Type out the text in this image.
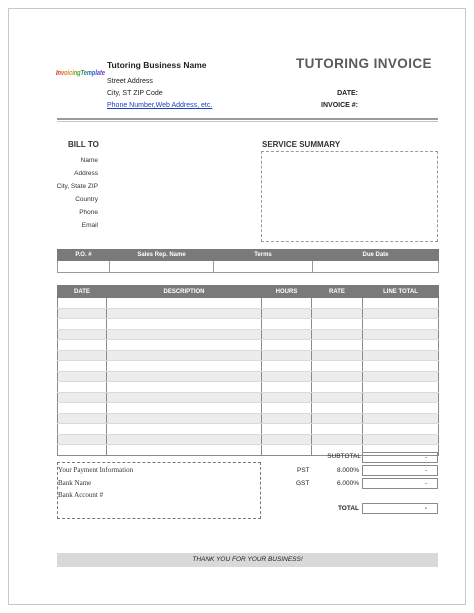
InvoicingTemplate
Tutoring Business Name
Street Address
City, ST ZIP Code
Phone Number,Web Address, etc.
TUTORING INVOICE
DATE:
INVOICE #:
BILL TO
Name
Address
City, State ZIP
Country
Phone
Email
SERVICE SUMMARY
P.O. #	Sales Rep. Name	Terms	Due Date

DATE	DESCRIPTION	HOURS	RATE	LINE TOTAL

SUBTOTAL	-
PST	8.000%	-
GST	6.000%	-
TOTAL	-
Your Payment Information
Bank Name
Bank Account #
THANK YOU FOR YOUR BUSINESS!
